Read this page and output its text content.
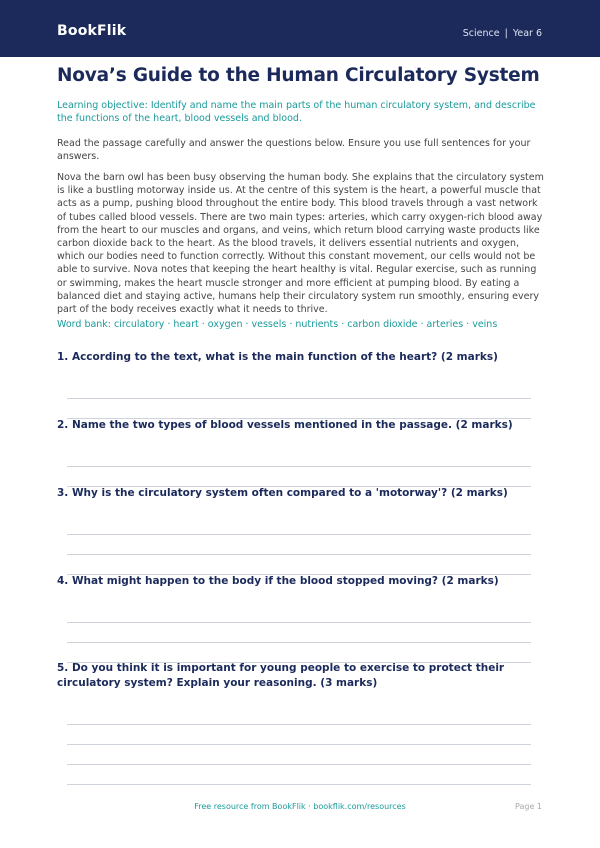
BookFlik	Science | Year 6
Nova’s Guide to the Human Circulatory System

Learning objective: Identify and name the main parts of the human circulatory system, and describe the functions of the heart, blood vessels and blood.

Read the passage carefully and answer the questions below. Ensure you use full sentences for your answers.

Nova the barn owl has been busy observing the human body. She explains that the circulatory system is like a bustling motorway inside us. At the centre of this system is the heart, a powerful muscle that acts as a pump, pushing blood throughout the entire body. This blood travels through a vast network of tubes called blood vessels. There are two main types: arteries, which carry oxygen-rich blood away from the heart to our muscles and organs, and veins, which return blood carrying waste products like carbon dioxide back to the heart. As the blood travels, it delivers essential nutrients and oxygen, which our bodies need to function correctly. Without this constant movement, our cells would not be able to survive. Nova notes that keeping the heart healthy is vital. Regular exercise, such as running or swimming, makes the heart muscle stronger and more efficient at pumping blood. By eating a balanced diet and staying active, humans help their circulatory system run smoothly, ensuring every part of the body receives exactly what it needs to thrive.

Word bank: circulatory · heart · oxygen · vessels · nutrients · carbon dioxide · arteries · veins

1. According to the text, what is the main function of the heart? (2 marks)
2. Name the two types of blood vessels mentioned in the passage. (2 marks)
3. Why is the circulatory system often compared to a 'motorway'? (2 marks)
4. What might happen to the body if the blood stopped moving? (2 marks)
5. Do you think it is important for young people to exercise to protect their circulatory system? Explain your reasoning. (3 marks)
Free resource from BookFlik · bookflik.com/resources	Page 1
